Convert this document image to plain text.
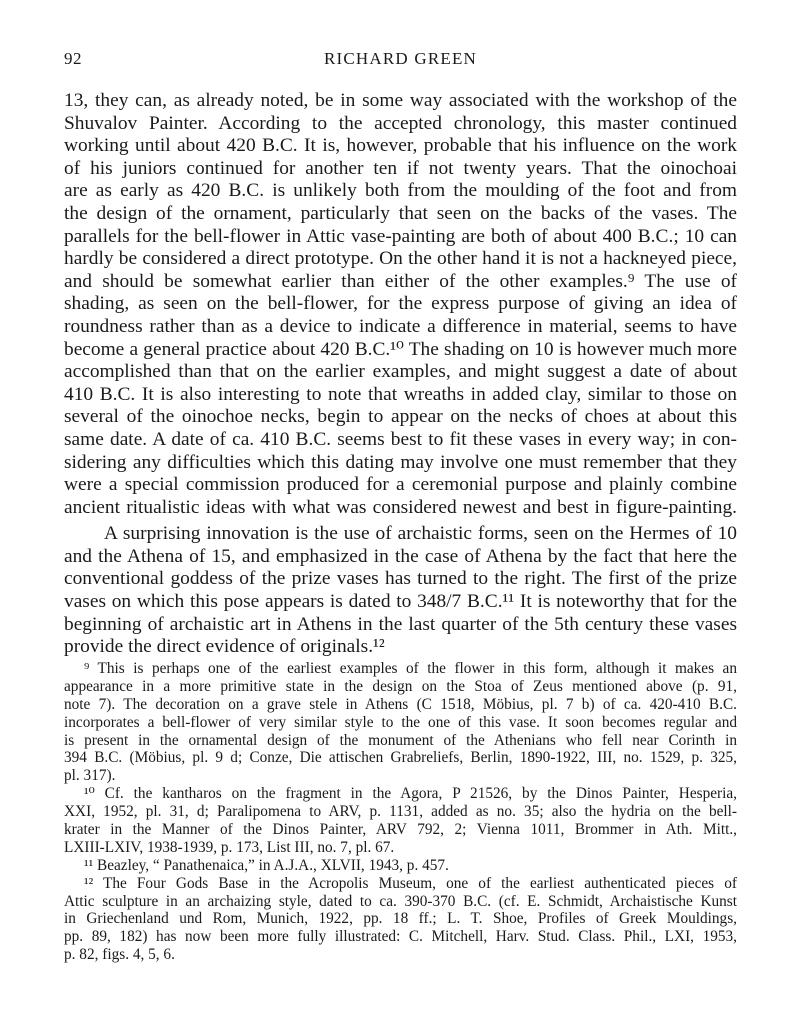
92	RICHARD GREEN
13, they can, as already noted, be in some way associated with the workshop of the
Shuvalov Painter. According to the accepted chronology, this master continued
working until about 420 B.C. It is, however, probable that his influence on the work
of his juniors continued for another ten if not twenty years. That the oinochoai
are as early as 420 B.C. is unlikely both from the moulding of the foot and from
the design of the ornament, particularly that seen on the backs of the vases. The
parallels for the bell-flower in Attic vase-painting are both of about 400 B.C.; 10 can
hardly be considered a direct prototype. On the other hand it is not a hackneyed piece,
and should be somewhat earlier than either of the other examples.⁹ The use of
shading, as seen on the bell-flower, for the express purpose of giving an idea of
roundness rather than as a device to indicate a difference in material, seems to have
become a general practice about 420 B.C.¹⁰ The shading on 10 is however much more
accomplished than that on the earlier examples, and might suggest a date of about
410 B.C. It is also interesting to note that wreaths in added clay, similar to those on
several of the oinochoe necks, begin to appear on the necks of choes at about this
same date. A date of ca. 410 B.C. seems best to fit these vases in every way; in con-
sidering any difficulties which this dating may involve one must remember that they
were a special commission produced for a ceremonial purpose and plainly combine
ancient ritualistic ideas with what was considered newest and best in figure-painting.
A surprising innovation is the use of archaistic forms, seen on the Hermes of 10
and the Athena of 15, and emphasized in the case of Athena by the fact that here the
conventional goddess of the prize vases has turned to the right. The first of the prize
vases on which this pose appears is dated to 348/7 B.C.¹¹ It is noteworthy that for the
beginning of archaistic art in Athens in the last quarter of the 5th century these vases
provide the direct evidence of originals.¹²
⁹ This is perhaps one of the earliest examples of the flower in this form, although it makes an
appearance in a more primitive state in the design on the Stoa of Zeus mentioned above (p. 91,
note 7). The decoration on a grave stele in Athens (C 1518, Möbius, pl. 7 b) of ca. 420-410 B.C.
incorporates a bell-flower of very similar style to the one of this vase. It soon becomes regular and
is present in the ornamental design of the monument of the Athenians who fell near Corinth in
394 B.C. (Möbius, pl. 9 d; Conze, Die attischen Grabreliefs, Berlin, 1890-1922, III, no. 1529, p. 325,
pl. 317).
¹⁰ Cf. the kantharos on the fragment in the Agora, P 21526, by the Dinos Painter, Hesperia,
XXI, 1952, pl. 31, d; Paralipomena to ARV, p. 1131, added as no. 35; also the hydria on the bell-
krater in the Manner of the Dinos Painter, ARV 792, 2; Vienna 1011, Brommer in Ath. Mitt.,
LXIII-LXIV, 1938-1939, p. 173, List III, no. 7, pl. 67.
¹¹ Beazley, “ Panathenaica,” in A.J.A., XLVII, 1943, p. 457.
¹² The Four Gods Base in the Acropolis Museum, one of the earliest authenticated pieces of
Attic sculpture in an archaizing style, dated to ca. 390-370 B.C. (cf. E. Schmidt, Archaistische Kunst
in Griechenland und Rom, Munich, 1922, pp. 18 ff.; L. T. Shoe, Profiles of Greek Mouldings,
pp. 89, 182) has now been more fully illustrated: C. Mitchell, Harv. Stud. Class. Phil., LXI, 1953,
p. 82, figs. 4, 5, 6.
